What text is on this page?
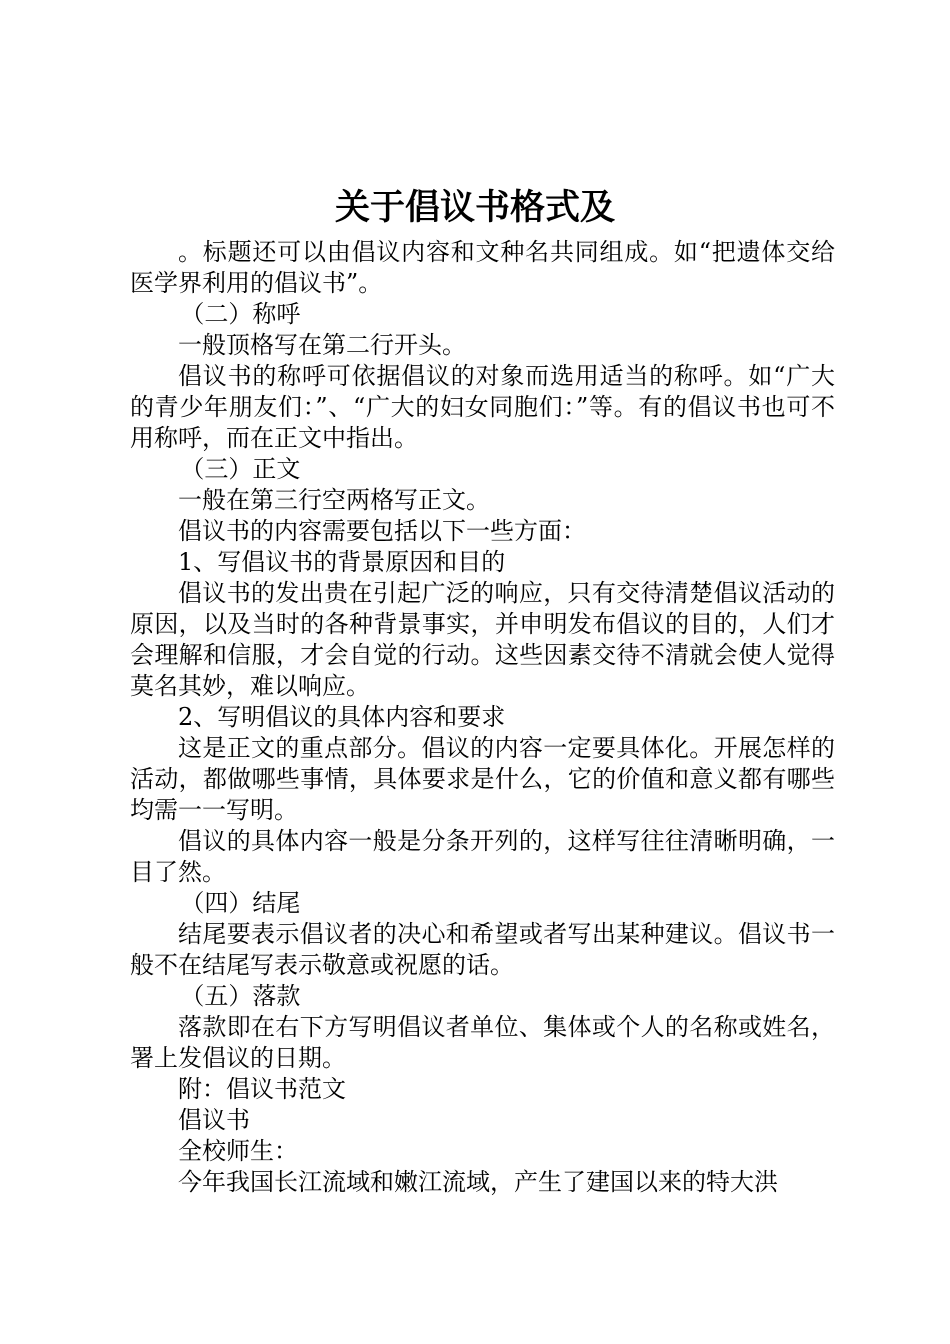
关于倡议书格式及

。标题还可以由倡议内容和文种名共同组成。如“把遗体交给医学界利用的倡议书”。

（二）称呼

一般顶格写在第二行开头。

倡议书的称呼可依据倡议的对象而选用适当的称呼。如“广大的青少年朋友们：”、“广大的妇女同胞们：”等。有的倡议书也可不用称呼，而在正文中指出。

（三）正文

一般在第三行空两格写正文。

倡议书的内容需要包括以下一些方面：

1、写倡议书的背景原因和目的

倡议书的发出贵在引起广泛的响应，只有交待清楚倡议活动的原因，以及当时的各种背景事实，并申明发布倡议的目的，人们才会理解和信服，才会自觉的行动。这些因素交待不清就会使人觉得莫名其妙，难以响应。

2、写明倡议的具体内容和要求

这是正文的重点部分。倡议的内容一定要具体化。开展怎样的活动，都做哪些事情，具体要求是什么，它的价值和意义都有哪些均需一一写明。

倡议的具体内容一般是分条开列的，这样写往往清晰明确，一目了然。

（四）结尾

结尾要表示倡议者的决心和希望或者写出某种建议。倡议书一般不在结尾写表示敬意或祝愿的话。

（五）落款

落款即在右下方写明倡议者单位、集体或个人的名称或姓名，署上发倡议的日期。

附：倡议书范文

倡议书

全校师生：

今年我国长江流域和嫩江流域，产生了建国以来的特大洪
